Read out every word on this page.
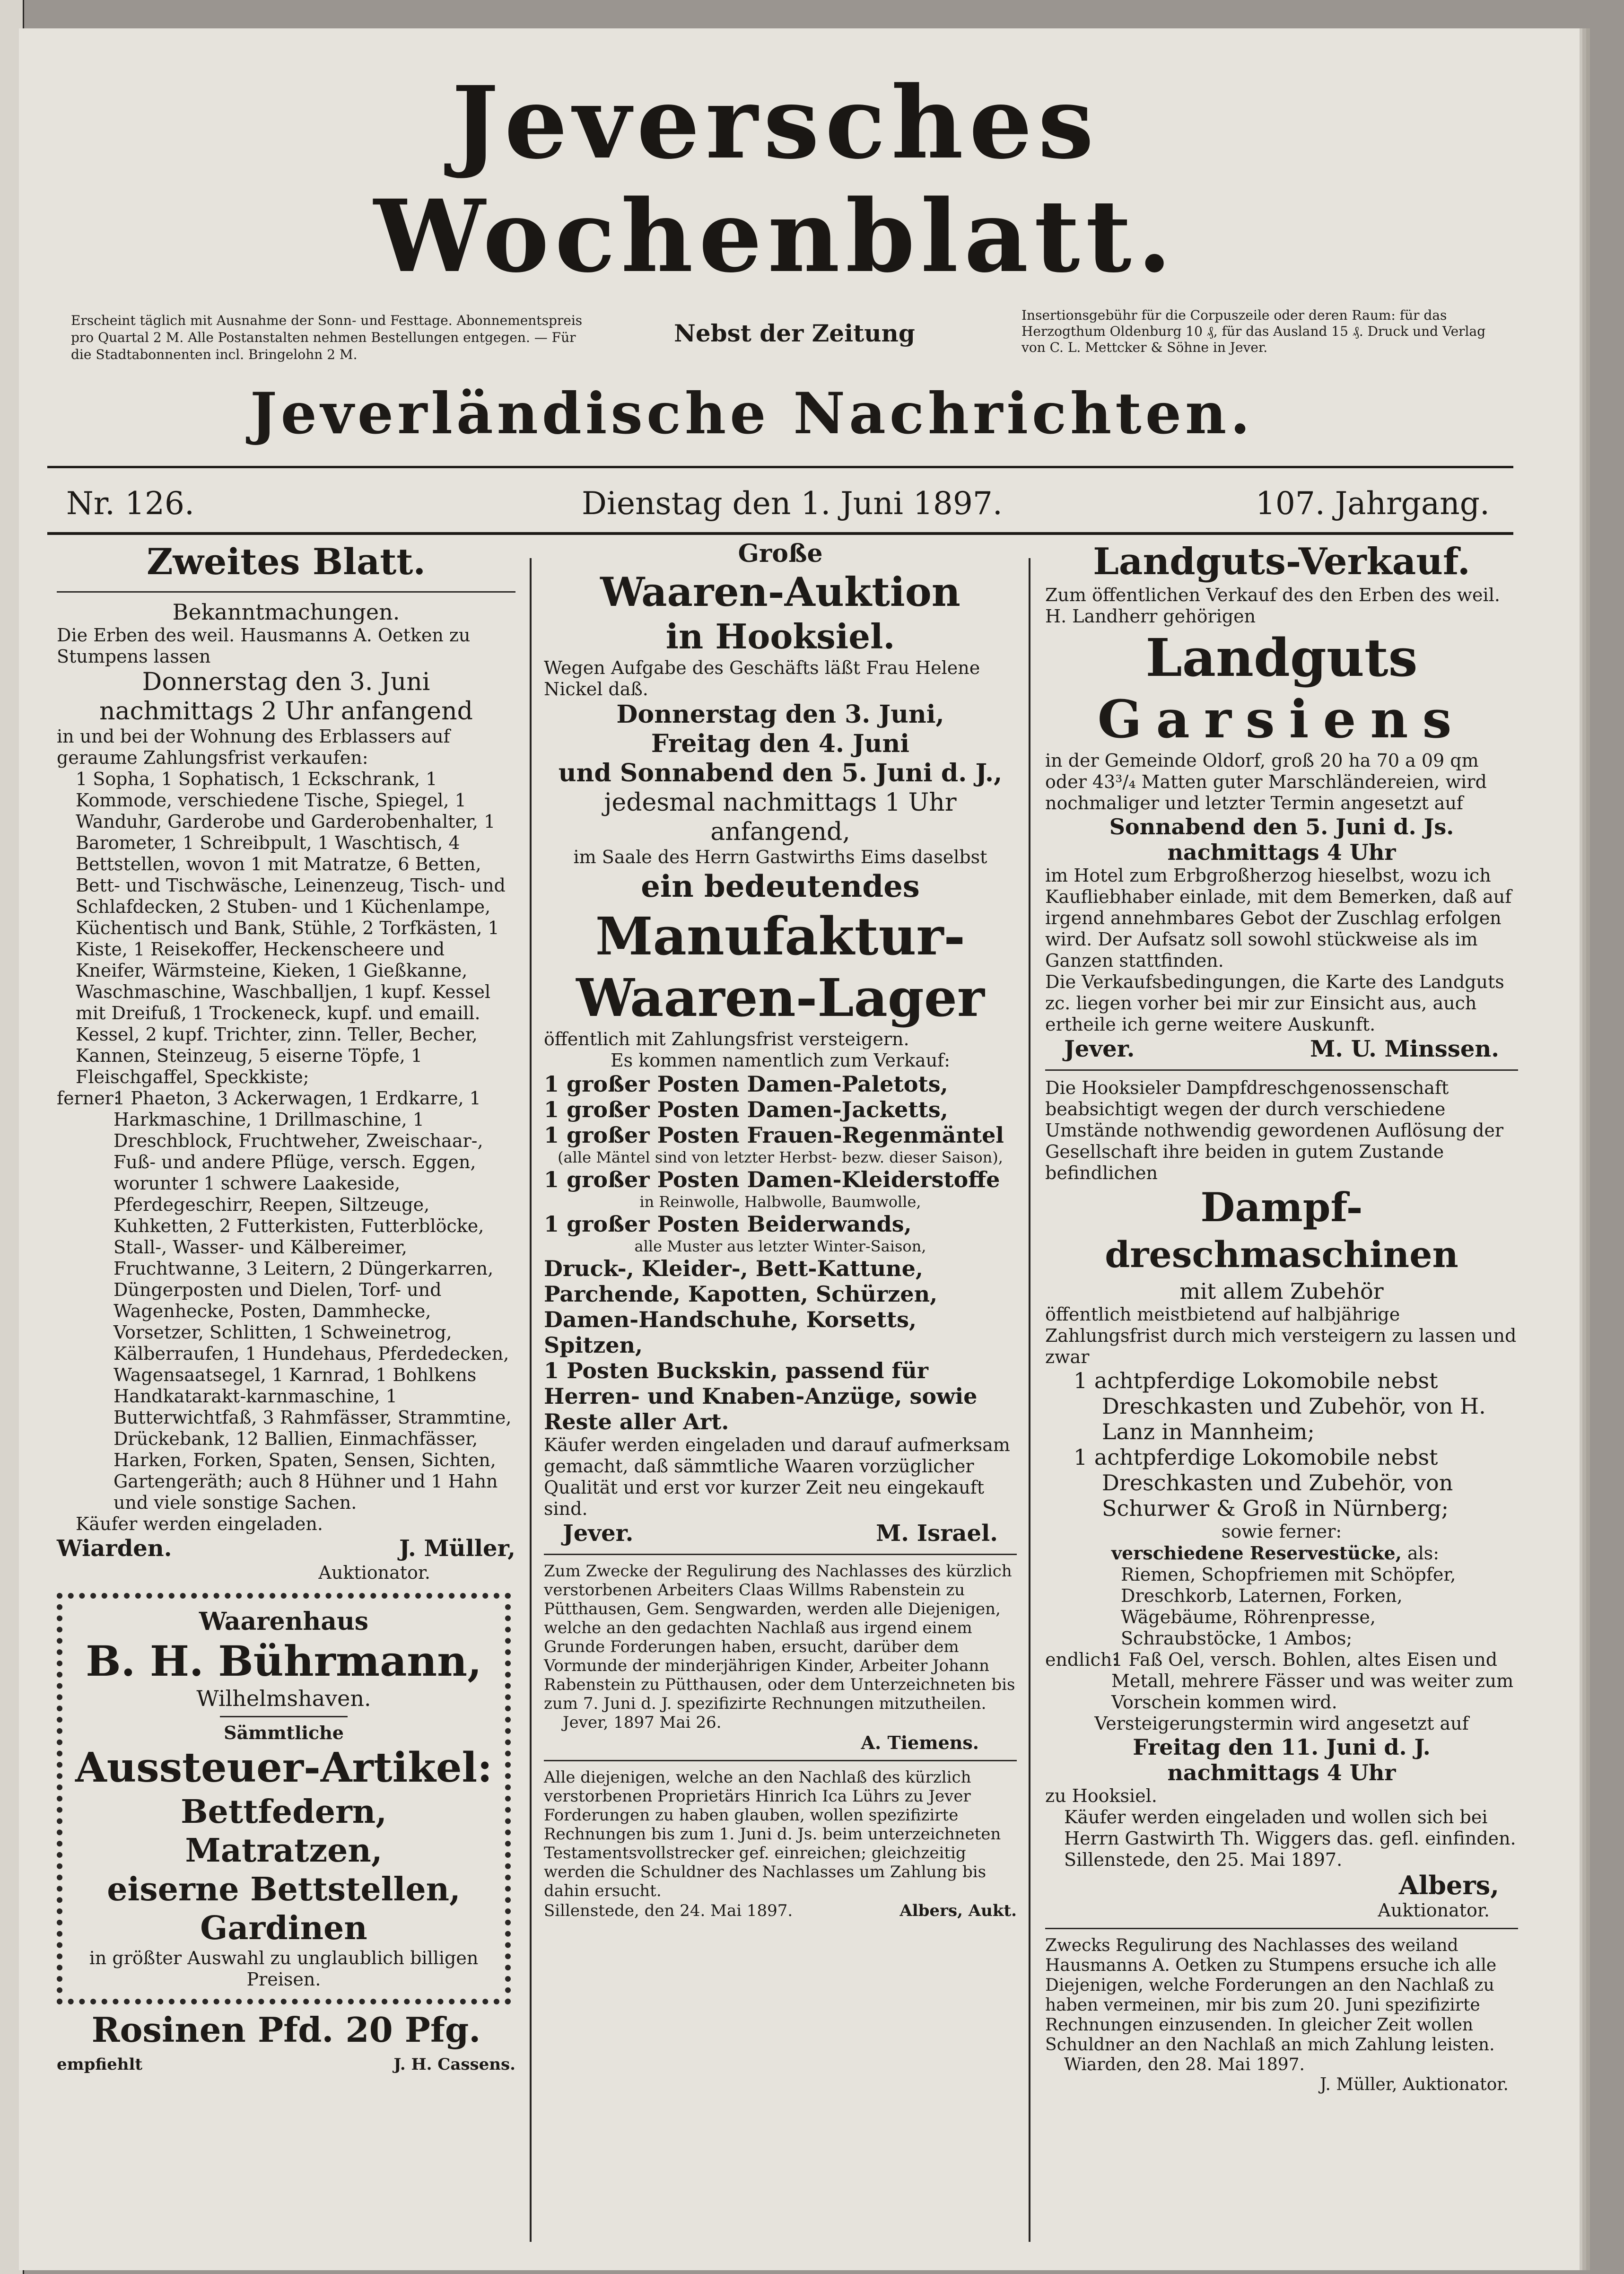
Jeversches Wochenblatt.
Erscheint täglich mit Ausnahme der Sonn- und Festtage. Abonnementspreis pro Quartal 2 M. Alle Postanstalten nehmen Bestellungen entgegen. — Für die Stadtabonnenten incl. Bringelohn 2 M.
Nebst der Zeitung
Insertionsgebühr für die Corpuszeile oder deren Raum: für das Herzogthum Oldenburg 10 ₰, für das Ausland 15 ₰. Druck und Verlag von C. L. Mettcker & Söhne in Jever.
Jeverländische Nachrichten.
Nr. 126.	Dienstag den 1. Juni 1897.	107. Jahrgang.

Zweites Blatt.

Bekanntmachungen.

Die Erben des weil. Hausmanns A. Oetken zu Stumpens lassen

Donnerstag den 3. Juni

nachmittags 2 Uhr anfangend

in und bei der Wohnung des Erblassers auf geraume Zahlungsfrist verkaufen:

1 Sopha, 1 Sophatisch, 1 Eckschrank, 1 Kommode, verschiedene Tische, Spiegel, 1 Wanduhr, Garderobe und Garderobenhalter, 1 Barometer, 1 Schreibpult, 1 Waschtisch, 4 Bettstellen, wovon 1 mit Matratze, 6 Betten, Bett- und Tischwäsche, Leinenzeug, Tisch- und Schlafdecken, 2 Stuben- und 1 Küchenlampe, Küchentisch und Bank, Stühle, 2 Torfkästen, 1 Kiste, 1 Reisekoffer, Heckenscheere und Kneifer, Wärmsteine, Kieken, 1 Gießkanne, Waschmaschine, Waschballjen, 1 kupf. Kessel mit Dreifuß, 1 Trockeneck, kupf. und emaill. Kessel, 2 kupf. Trichter, zinn. Teller, Becher, Kannen, Steinzeug, 5 eiserne Töpfe, 1 Fleischgaffel, Speckkiste;

ferner:
1 Phaeton, 3 Ackerwagen, 1 Erdkarre, 1 Harkmaschine, 1 Drillmaschine, 1 Dreschblock, Fruchtweher, Zweischaar-, Fuß- und andere Pflüge, versch. Eggen, worunter 1 schwere Laakeside, Pferdegeschirr, Reepen, Siltzeuge, Kuhketten, 2 Futterkisten, Futterblöcke, Stall-, Wasser- und Kälbereimer, Fruchtwanne, 3 Leitern, 2 Düngerkarren, Düngerposten und Dielen, Torf- und Wagenhecke, Posten, Dammhecke, Vorsetzer, Schlitten, 1 Schweinetrog, Kälberraufen, 1 Hundehaus, Pferdedecken, Wagensaatsegel, 1 Karnrad, 1 Bohlkens Handkatarakt-karnmaschine, 1 Butterwichtfaß, 3 Rahmfässer, Strammtine, Drückebank, 12 Ballien, Einmachfässer, Harken, Forken, Spaten, Sensen, Sichten, Gartengeräth; auch 8 Hühner und 1 Hahn und viele sonstige Sachen.

Käufer werden eingeladen.

Wiarden.	J. Müller,

Auktionator.

Waarenhaus

B. H. Bührmann,

Wilhelmshaven.

Sämmtliche

Aussteuer-Artikel:

Bettfedern,

Matratzen,

eiserne Bettstellen,

Gardinen

in größter Auswahl zu unglaublich billigen Preisen.

Rosinen Pfd. 20 Pfg.

empfiehlt	J. H. Cassens.

Große

Waaren-Auktion

in Hooksiel.

Wegen Aufgabe des Geschäfts läßt Frau Helene Nickel daß.

Donnerstag den 3. Juni,

Freitag den 4. Juni

und Sonnabend den 5. Juni d. J.,

jedesmal nachmittags 1 Uhr

anfangend,

im Saale des Herrn Gastwirths Eims daselbst

ein bedeutendes

Manufaktur-

Waaren-Lager

öffentlich mit Zahlungsfrist versteigern.

Es kommen namentlich zum Verkauf:

1 großer Posten Damen-Paletots,

1 großer Posten Damen-Jacketts,

1 großer Posten Frauen-Regenmäntel

(alle Mäntel sind von letzter Herbst- bezw. dieser Saison),

1 großer Posten Damen-Kleiderstoffe

in Reinwolle, Halbwolle, Baumwolle,

1 großer Posten Beiderwands,

alle Muster aus letzter Winter-Saison,

Druck-, Kleider-, Bett-Kattune, Parchende, Kapotten, Schürzen, Damen-Handschuhe, Korsetts, Spitzen,

1 Posten Buckskin, passend für Herren- und Knaben-Anzüge, sowie Reste aller Art.

Käufer werden eingeladen und darauf aufmerksam gemacht, daß sämmtliche Waaren vorzüglicher Qualität und erst vor kurzer Zeit neu eingekauft sind.

Jever.	M. Israel.

Zum Zwecke der Regulirung des Nachlasses des kürzlich verstorbenen Arbeiters Claas Willms Rabenstein zu Pütthausen, Gem. Sengwarden, werden alle Diejenigen, welche an den gedachten Nachlaß aus irgend einem Grunde Forderungen haben, ersucht, darüber dem Vormunde der minderjährigen Kinder, Arbeiter Johann Rabenstein zu Pütthausen, oder dem Unterzeichneten bis zum 7. Juni d. J. spezifizirte Rechnungen mitzutheilen.

Jever, 1897 Mai 26.

A. Tiemens.

Alle diejenigen, welche an den Nachlaß des kürzlich verstorbenen Proprietärs Hinrich Ica Lührs zu Jever Forderungen zu haben glauben, wollen spezifizirte Rechnungen bis zum 1. Juni d. Js. beim unterzeichneten Testamentsvollstrecker gef. einreichen; gleichzeitig werden die Schuldner des Nachlasses um Zahlung bis dahin ersucht.

Sillenstede, den 24. Mai 1897.	Albers, Aukt.

Landguts-Verkauf.

Zum öffentlichen Verkauf des den Erben des weil. H. Landherr gehörigen

Landguts

Garsiens

in der Gemeinde Oldorf, groß 20 ha 70 a 09 qm oder 43³/₄ Matten guter Marschländereien, wird nochmaliger und letzter Termin angesetzt auf

Sonnabend den 5. Juni d. Js.

nachmittags 4 Uhr

im Hotel zum Erbgroßherzog hieselbst, wozu ich Kaufliebhaber einlade, mit dem Bemerken, daß auf irgend annehmbares Gebot der Zuschlag erfolgen wird. Der Aufsatz soll sowohl stückweise als im Ganzen stattfinden.

Die Verkaufsbedingungen, die Karte des Landguts zc. liegen vorher bei mir zur Einsicht aus, auch ertheile ich gerne weitere Auskunft.

Jever.	M. U. Minssen.

Die Hooksieler Dampfdreschgenossenschaft beabsichtigt wegen der durch verschiedene Umstände nothwendig gewordenen Auflösung der Gesellschaft ihre beiden in gutem Zustande befindlichen

Dampf-

dreschmaschinen

mit allem Zubehör

öffentlich meistbietend auf halbjährige Zahlungsfrist durch mich versteigern zu lassen und zwar

1 achtpferdige Lokomobile nebst Dreschkasten und Zubehör, von H. Lanz in Mannheim;

1 achtpferdige Lokomobile nebst Dreschkasten und Zubehör, von Schurwer & Groß in Nürnberg;

sowie ferner:

verschiedene Reservestücke, als: Riemen, Schopfriemen mit Schöpfer, Dreschkorb, Laternen, Forken, Wägebäume, Röhrenpresse, Schraubstöcke, 1 Ambos;

endlich:
1 Faß Oel, versch. Bohlen, altes Eisen und Metall, mehrere Fässer und was weiter zum Vorschein kommen wird.

Versteigerungstermin wird angesetzt auf

Freitag den 11. Juni d. J.

nachmittags 4 Uhr

zu Hooksiel.

Käufer werden eingeladen und wollen sich bei Herrn Gastwirth Th. Wiggers das. gefl. einfinden.

Sillenstede, den 25. Mai 1897.

Albers,

Auktionator.

Zwecks Regulirung des Nachlasses des weiland Hausmanns A. Oetken zu Stumpens ersuche ich alle Diejenigen, welche Forderungen an den Nachlaß zu haben vermeinen, mir bis zum 20. Juni spezifizirte Rechnungen einzusenden. In gleicher Zeit wollen Schuldner an den Nachlaß an mich Zahlung leisten.

Wiarden, den 28. Mai 1897.

J. Müller, Auktionator.
